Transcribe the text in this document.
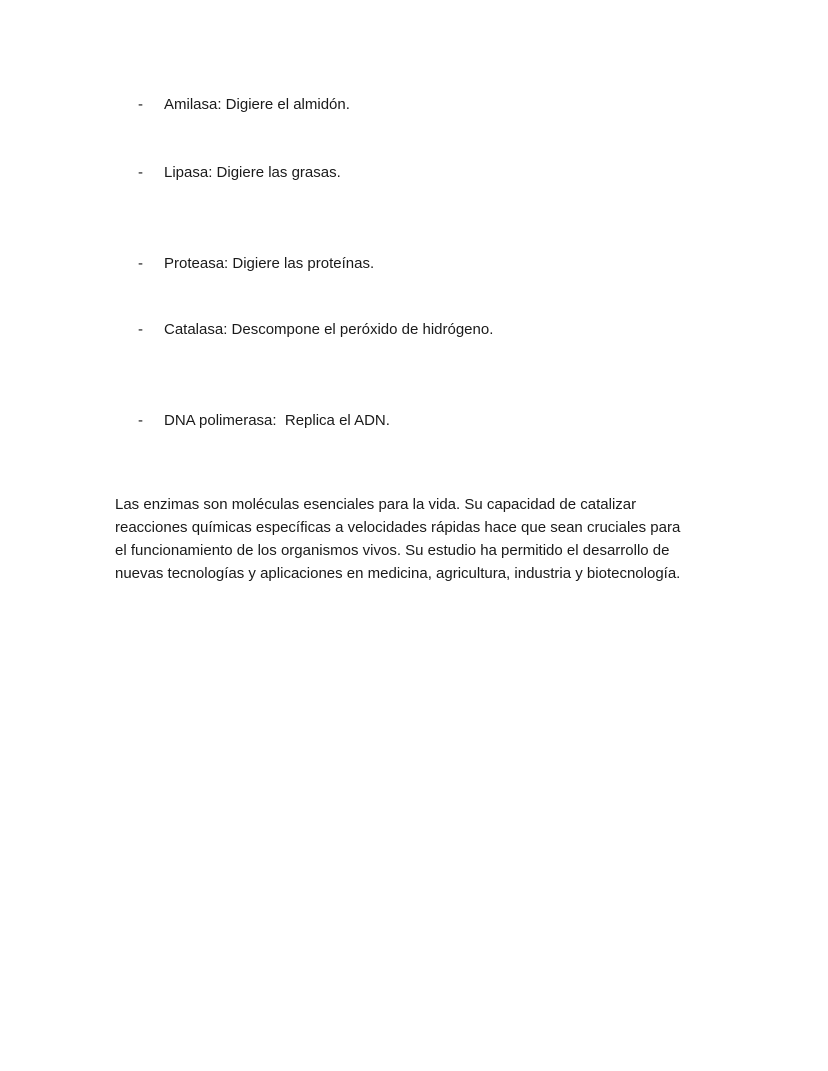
-	Amilasa: Digiere el almidón.
-	Lipasa: Digiere las grasas.
-	Proteasa: Digiere las proteínas.
-	Catalasa: Descompone el peróxido de hidrógeno.
-	DNA polimerasa:  Replica el ADN.

Las enzimas son moléculas esenciales para la vida. Su capacidad de catalizar
reacciones químicas específicas a velocidades rápidas hace que sean cruciales para
el funcionamiento de los organismos vivos. Su estudio ha permitido el desarrollo de
nuevas tecnologías y aplicaciones en medicina, agricultura, industria y biotecnología.
